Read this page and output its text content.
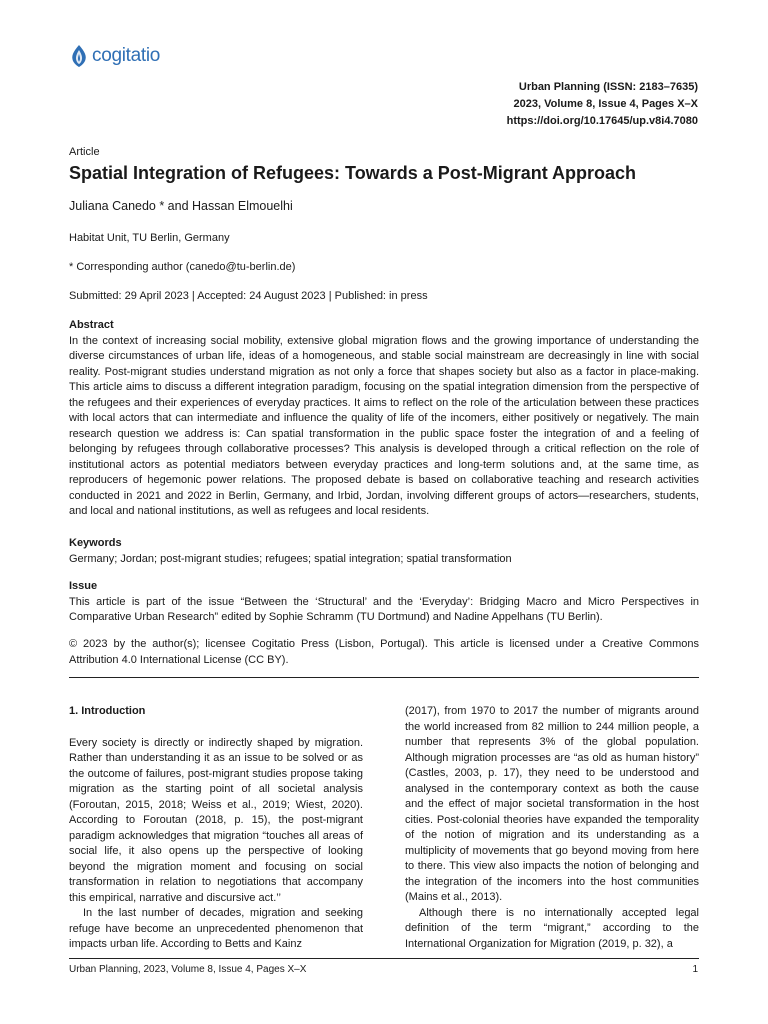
cogitatio
Urban Planning (ISSN: 2183–7635)
2023, Volume 8, Issue 4, Pages X–X
https://doi.org/10.17645/up.v8i4.7080
Article
Spatial Integration of Refugees: Towards a Post-Migrant Approach
Juliana Canedo * and Hassan Elmouelhi
Habitat Unit, TU Berlin, Germany
* Corresponding author (canedo@tu-berlin.de)
Submitted: 29 April 2023 | Accepted: 24 August 2023 | Published: in press
Abstract
In the context of increasing social mobility, extensive global migration flows and the growing importance of understanding the diverse circumstances of urban life, ideas of a homogeneous, and stable social mainstream are decreasingly in line with social reality. Post-migrant studies understand migration as not only a force that shapes society but also as a factor in place-making. This article aims to discuss a different integration paradigm, focusing on the spatial integration dimension from the perspective of the refugees and their experiences of everyday practices. It aims to reflect on the role of the articulation between these practices with local actors that can intermediate and influence the quality of life of the incomers, either positively or negatively. The main research question we address is: Can spatial transformation in the public space foster the integration of and a feeling of belonging by refugees through collaborative processes? This analysis is developed through a critical reflection on the role of institutional actors as potential mediators between everyday practices and long-term solutions and, at the same time, as reproducers of hegemonic power relations. The proposed debate is based on collaborative teaching and research activities conducted in 2021 and 2022 in Berlin, Germany, and Irbid, Jordan, involving different groups of actors—researchers, students, and local and national institutions, as well as refugees and local residents.
Keywords
Germany; Jordan; post-migrant studies; refugees; spatial integration; spatial transformation
Issue
This article is part of the issue “Between the ‘Structural’ and the ‘Everyday’: Bridging Macro and Micro Perspectives in Comparative Urban Research” edited by Sophie Schramm (TU Dortmund) and Nadine Appelhans (TU Berlin).
© 2023 by the author(s); licensee Cogitatio Press (Lisbon, Portugal). This article is licensed under a Creative Commons Attribution 4.0 International License (CC BY).

1. Introduction

Every society is directly or indirectly shaped by migration. Rather than understanding it as an issue to be solved or as the outcome of failures, post-migrant studies propose taking migration as the starting point of all societal analysis (Foroutan, 2015, 2018; Weiss et al., 2019; Wiest, 2020). According to Foroutan (2018, p. 15), the post-migrant paradigm acknowledges that migration “touches all areas of social life, it also opens up the perspective of looking beyond the migration moment and focusing on social transformation in relation to negotiations that accompany this empirical, narrative and discursive act.’’

In the last number of decades, migration and seeking refuge have become an unprecedented phenomenon that impacts urban life. According to Betts and Kainz

(2017), from 1970 to 2017 the number of migrants around the world increased from 82 million to 244 million people, a number that represents 3% of the global population. Although migration processes are “as old as human history” (Castles, 2003, p. 17), they need to be understood and analysed in the contemporary context as both the cause and the effect of major societal transformation in the host cities. Post-colonial theories have expanded the temporality of the notion of migration and its understanding as a multiplicity of movements that go beyond moving from here to there. This view also impacts the notion of belonging and the integration of the incomers into the host communities (Mains et al., 2013).

Although there is no internationally accepted legal definition of the term “migrant,” according to the International Organization for Migration (2019, p. 32), a

Urban Planning, 2023, Volume 8, Issue 4, Pages X–X	1
